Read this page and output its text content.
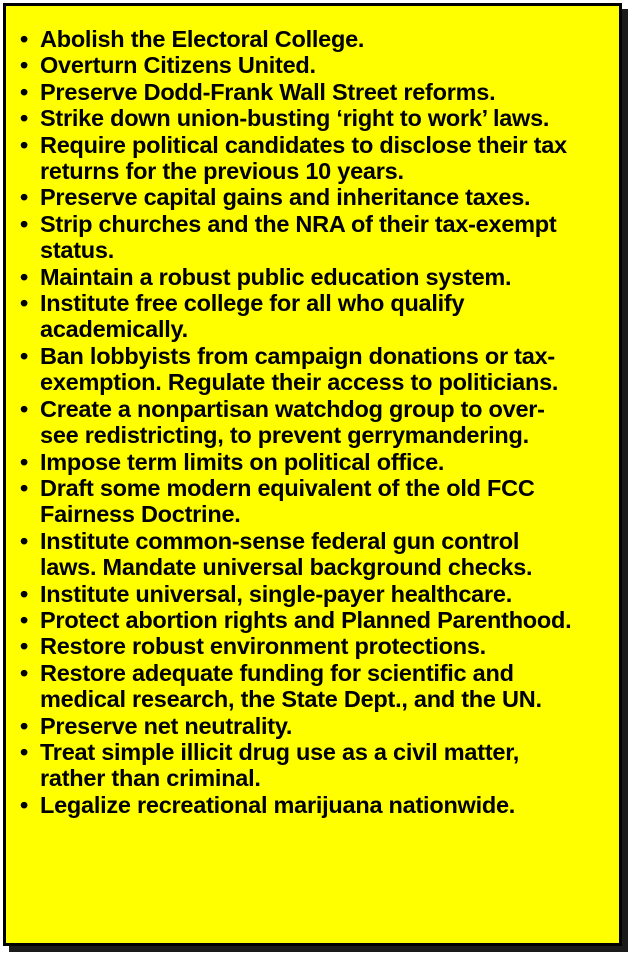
• Abolish the Electoral College.
• Overturn Citizens United.
• Preserve Dodd-Frank Wall Street reforms.
• Strike down union-busting ‘right to work’ laws.
• Require political candidates to disclose their tax
returns for the previous 10 years.
• Preserve capital gains and inheritance taxes.
• Strip churches and the NRA of their tax-exempt
status.
• Maintain a robust public education system.
• Institute free college for all who qualify
academically.
• Ban lobbyists from campaign donations or tax-
exemption. Regulate their access to politicians.
• Create a nonpartisan watchdog group to over-
see redistricting, to prevent gerrymandering.
• Impose term limits on political office.
• Draft some modern equivalent of the old FCC
Fairness Doctrine.
• Institute common-sense federal gun control
laws. Mandate universal background checks.
• Institute universal, single-payer healthcare.
• Protect abortion rights and Planned Parenthood.
• Restore robust environment protections.
• Restore adequate funding for scientific and
medical research, the State Dept., and the UN.
• Preserve net neutrality.
• Treat simple illicit drug use as a civil matter,
rather than criminal.
• Legalize recreational marijuana nationwide.
